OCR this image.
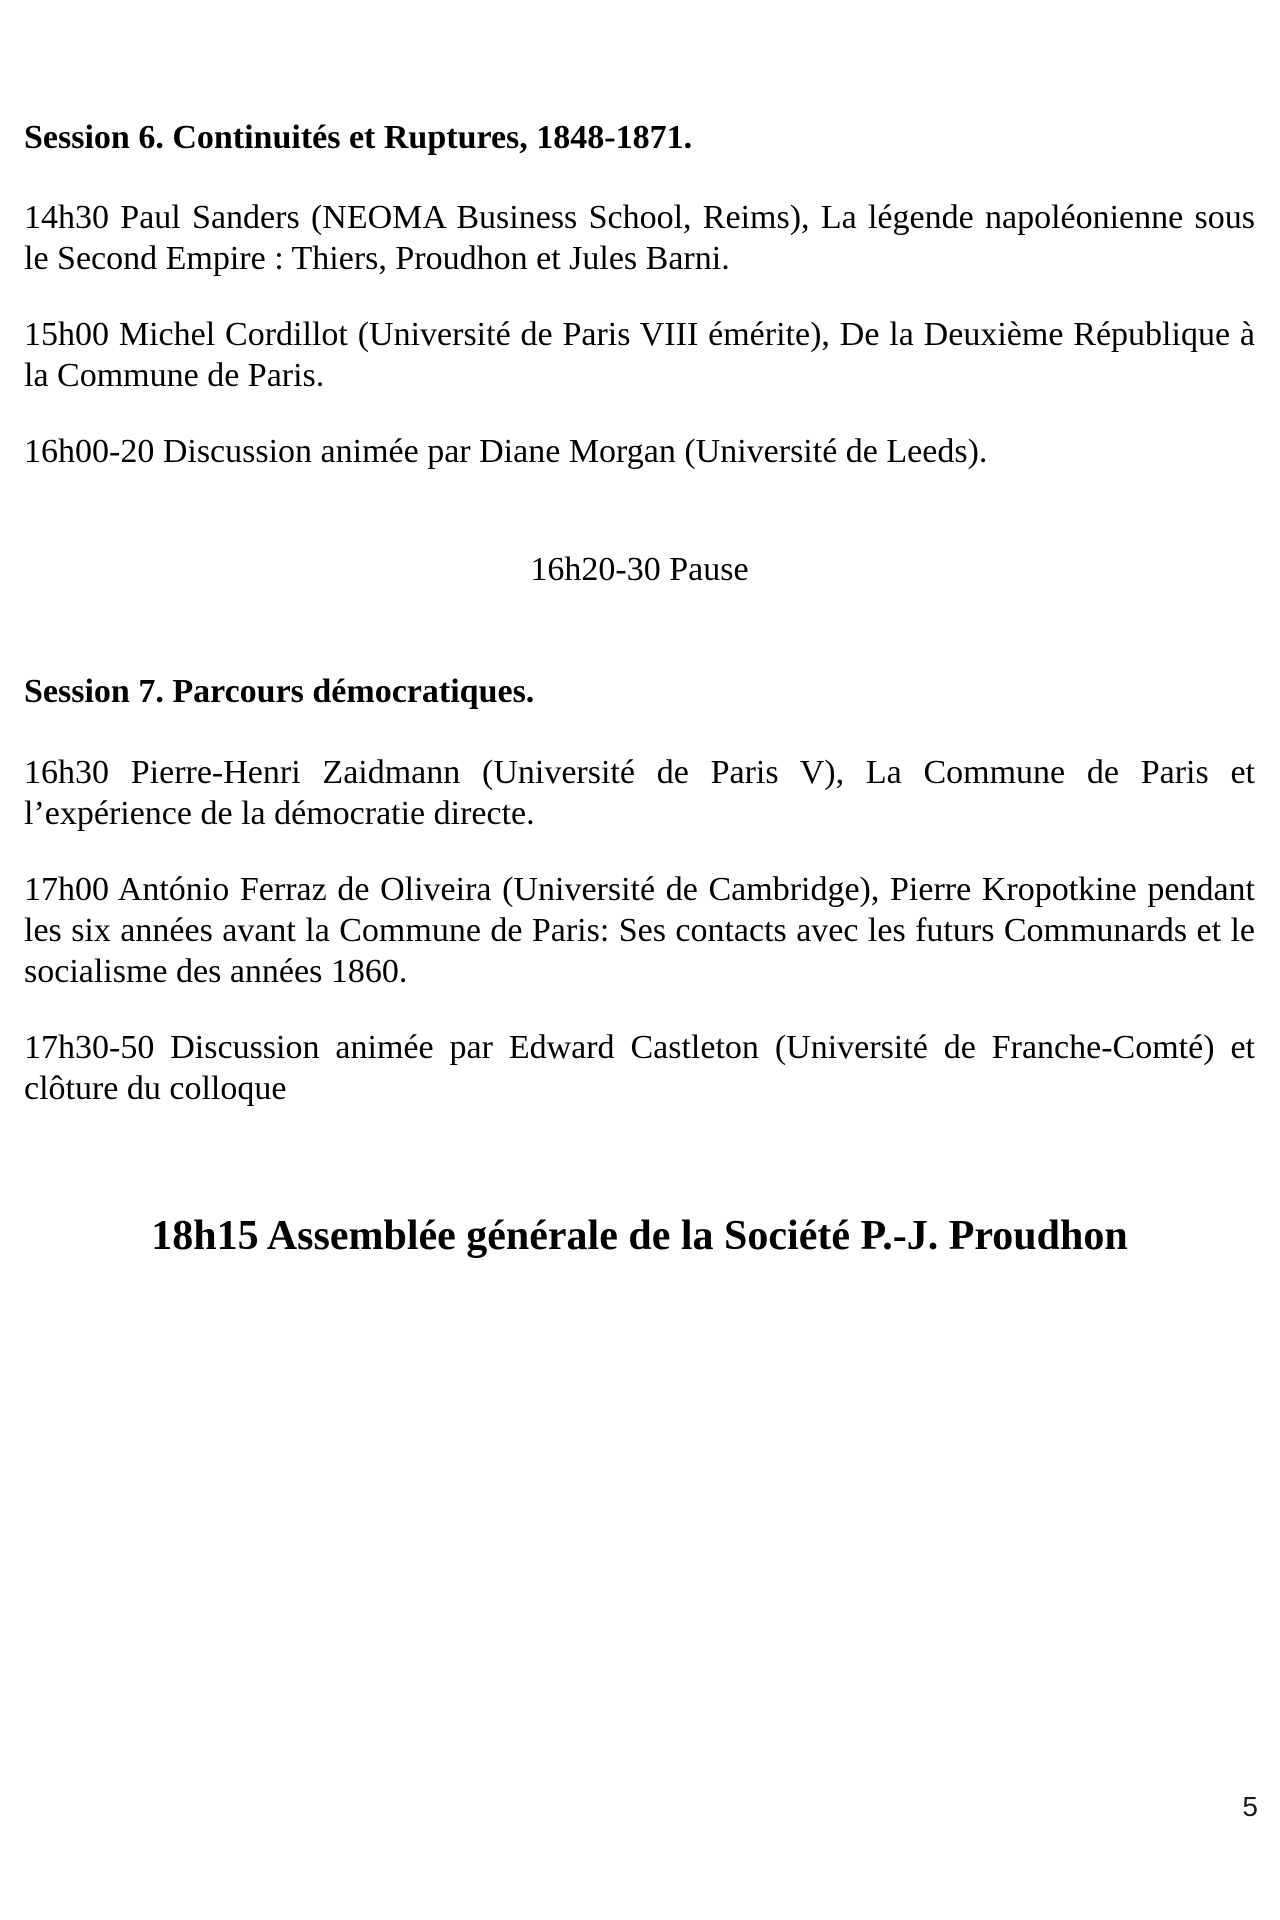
Session 6. Continuités et Ruptures, 1848-1871.

14h30 Paul Sanders (NEOMA Business School, Reims), La légende napoléonienne sous le Second Empire : Thiers, Proudhon et Jules Barni.

15h00 Michel Cordillot (Université de Paris VIII émérite), De la Deuxième République à la Commune de Paris.

16h00-20 Discussion animée par Diane Morgan (Université de Leeds).

16h20-30 Pause

Session 7. Parcours démocratiques.

16h30 Pierre-Henri Zaidmann (Université de Paris V), La Commune de Paris et l’expérience de la démocratie directe.

17h00 António Ferraz de Oliveira (Université de Cambridge), Pierre Kropotkine pendant les six années avant la Commune de Paris: Ses contacts avec les futurs Communards et le socialisme des années 1860.

17h30-50 Discussion animée par Edward Castleton (Université de Franche-Comté) et clôture du colloque

18h15 Assemblée générale de la Société P.-J. Proudhon
5
